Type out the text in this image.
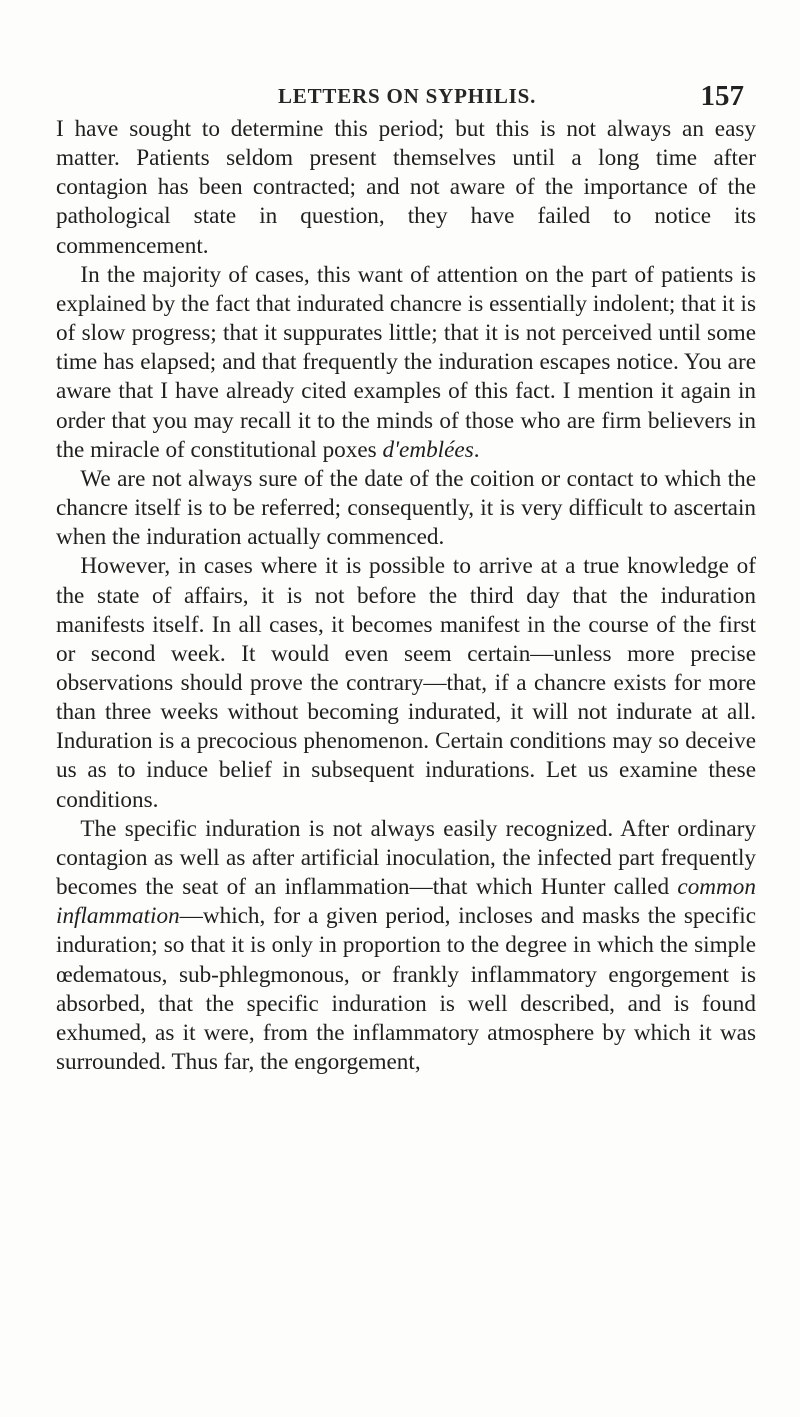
LETTERS ON SYPHILIS.	157

I have sought to determine this period; but this is not always an easy matter. Patients seldom present themselves until a long time after contagion has been contracted; and not aware of the importance of the pathological state in question, they have failed to notice its commencement.

In the majority of cases, this want of attention on the part of patients is explained by the fact that indurated chancre is essentially indolent; that it is of slow progress; that it suppurates little; that it is not perceived until some time has elapsed; and that frequently the induration escapes notice. You are aware that I have already cited examples of this fact. I mention it again in order that you may recall it to the minds of those who are firm believers in the miracle of constitutional poxes d'emblées.

We are not always sure of the date of the coition or contact to which the chancre itself is to be referred; consequently, it is very difficult to ascertain when the induration actually commenced.

However, in cases where it is possible to arrive at a true knowledge of the state of affairs, it is not before the third day that the induration manifests itself. In all cases, it becomes manifest in the course of the first or second week. It would even seem certain—unless more precise observations should prove the contrary—that, if a chancre exists for more than three weeks without becoming indurated, it will not indurate at all. Induration is a precocious phenomenon. Certain conditions may so deceive us as to induce belief in subsequent indurations. Let us examine these conditions.

The specific induration is not always easily recognized. After ordinary contagion as well as after artificial inoculation, the infected part frequently becomes the seat of an inflammation—that which Hunter called common inflammation—which, for a given period, incloses and masks the specific induration; so that it is only in proportion to the degree in which the simple œdematous, sub-phlegmonous, or frankly inflammatory engorgement is absorbed, that the specific induration is well described, and is found exhumed, as it were, from the inflammatory atmosphere by which it was surrounded. Thus far, the engorgement,
